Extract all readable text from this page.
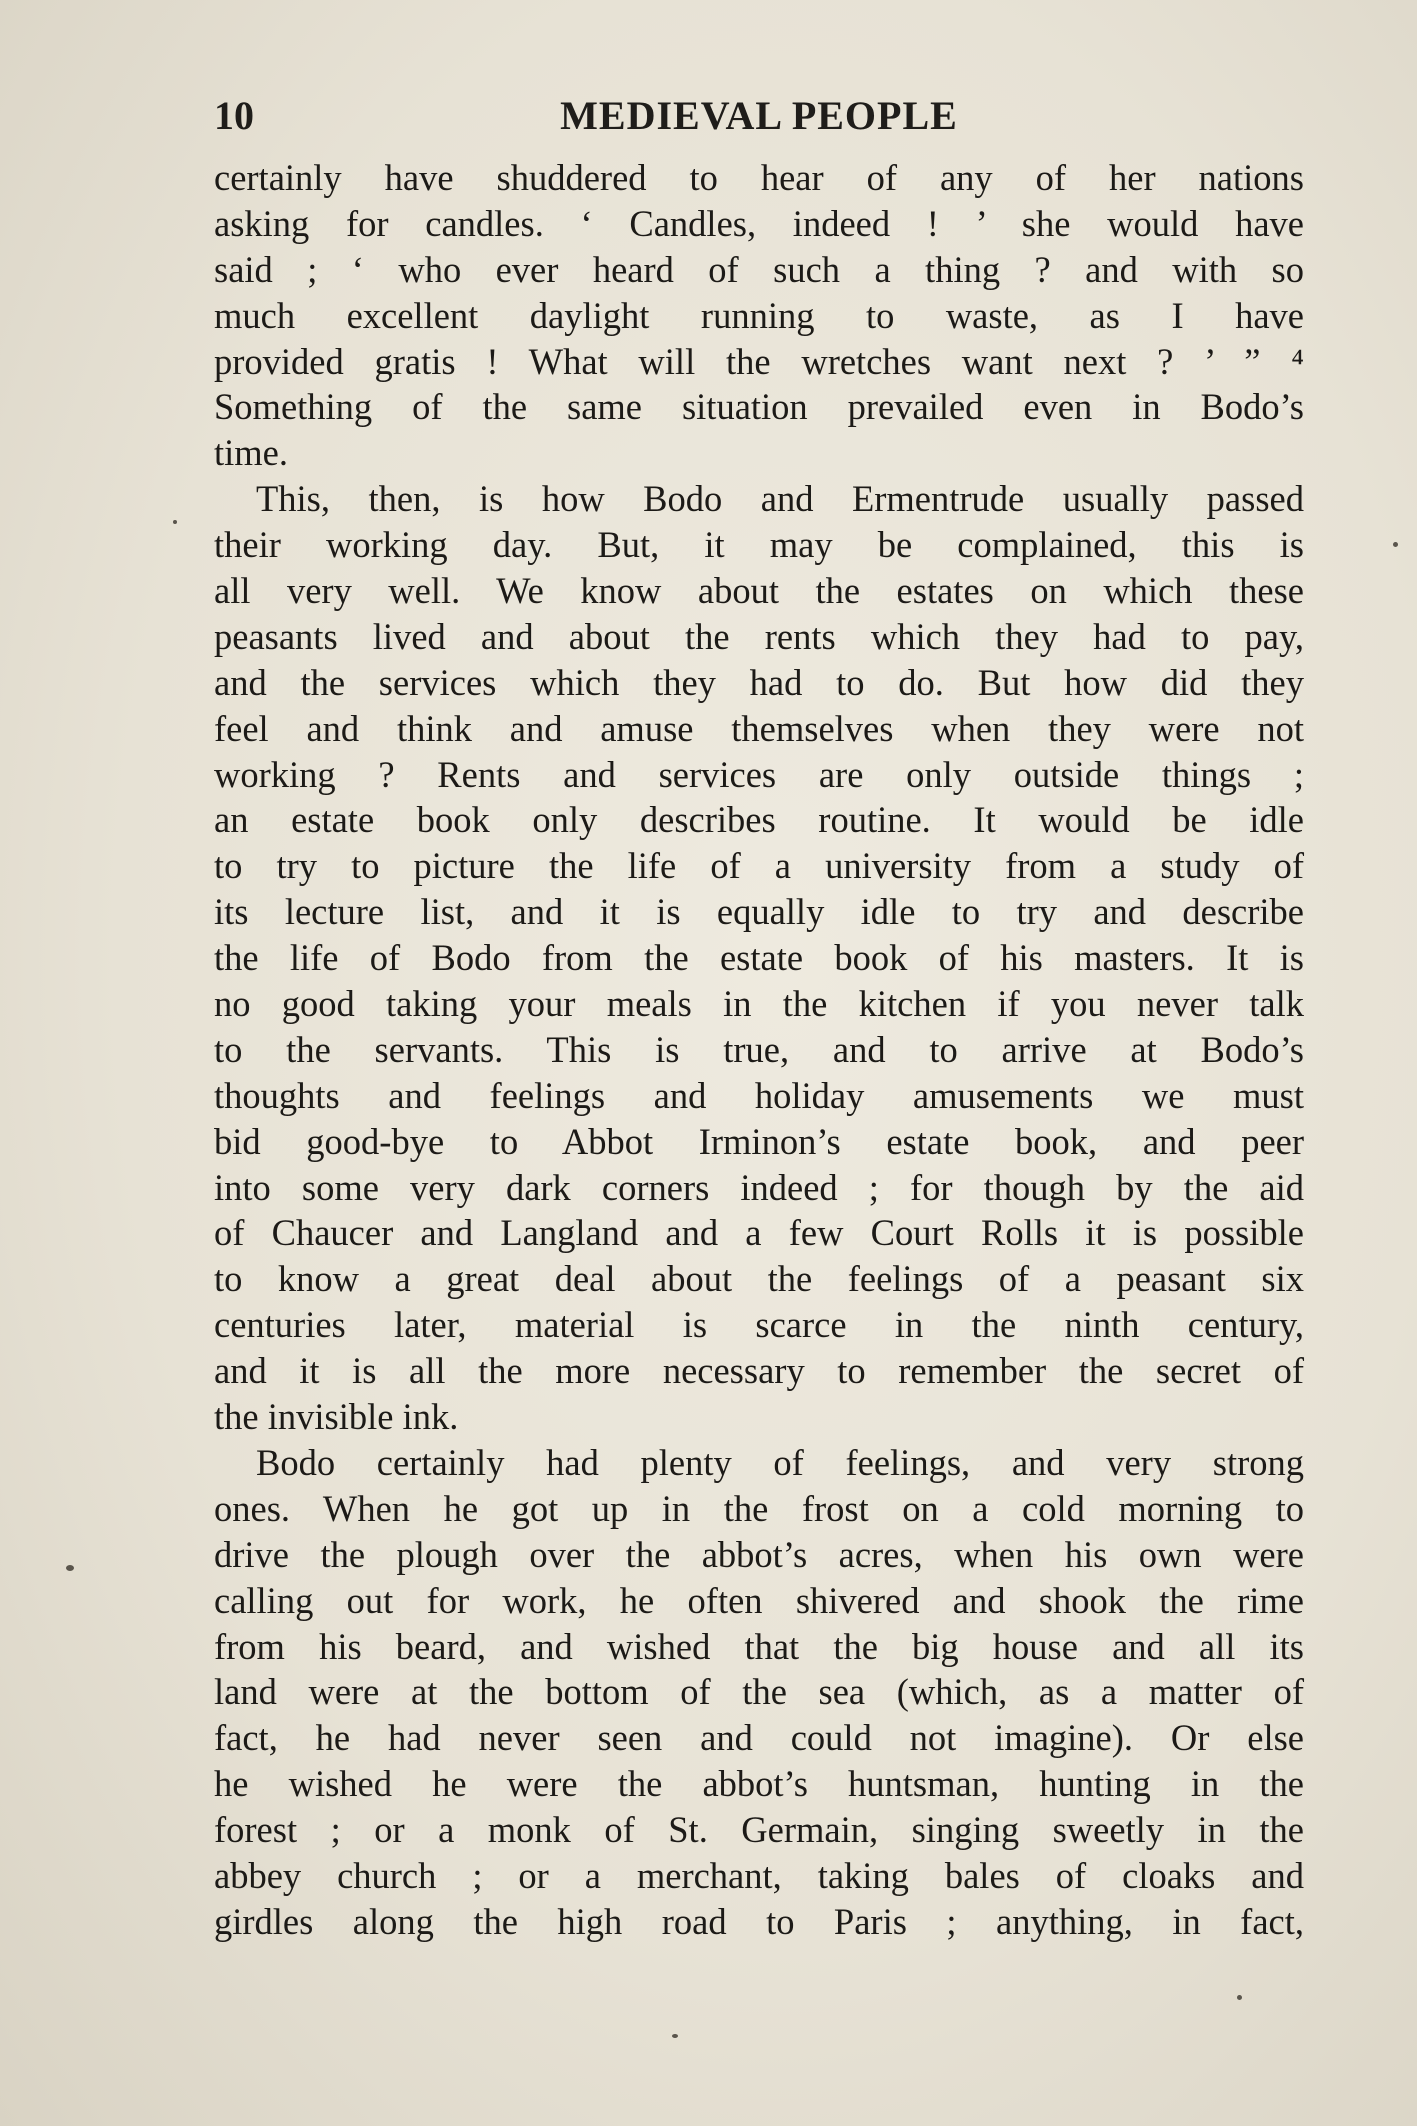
10	MEDIEVAL PEOPLE
certainly have shuddered to hear of any of her nations
asking for candles. ‘ Candles, indeed ! ’ she would have
said ; ‘ who ever heard of such a thing ? and with so
much excellent daylight running to waste, as I have
provided gratis ! What will the wretches want next ? ’ ” ⁴
Something of the same situation prevailed even in Bodo’s
time.
This, then, is how Bodo and Ermentrude usually passed
their working day. But, it may be complained, this is
all very well. We know about the estates on which these
peasants lived and about the rents which they had to pay,
and the services which they had to do. But how did they
feel and think and amuse themselves when they were not
working ? Rents and services are only outside things ;
an estate book only describes routine. It would be idle
to try to picture the life of a university from a study of
its lecture list, and it is equally idle to try and describe
the life of Bodo from the estate book of his masters. It is
no good taking your meals in the kitchen if you never talk
to the servants. This is true, and to arrive at Bodo’s
thoughts and feelings and holiday amusements we must
bid good-bye to Abbot Irminon’s estate book, and peer
into some very dark corners indeed ; for though by the aid
of Chaucer and Langland and a few Court Rolls it is possible
to know a great deal about the feelings of a peasant six
centuries later, material is scarce in the ninth century,
and it is all the more necessary to remember the secret of
the invisible ink.
Bodo certainly had plenty of feelings, and very strong
ones. When he got up in the frost on a cold morning to
drive the plough over the abbot’s acres, when his own were
calling out for work, he often shivered and shook the rime
from his beard, and wished that the big house and all its
land were at the bottom of the sea (which, as a matter of
fact, he had never seen and could not imagine). Or else
he wished he were the abbot’s huntsman, hunting in the
forest ; or a monk of St. Germain, singing sweetly in the
abbey church ; or a merchant, taking bales of cloaks and
girdles along the high road to Paris ; anything, in fact,
